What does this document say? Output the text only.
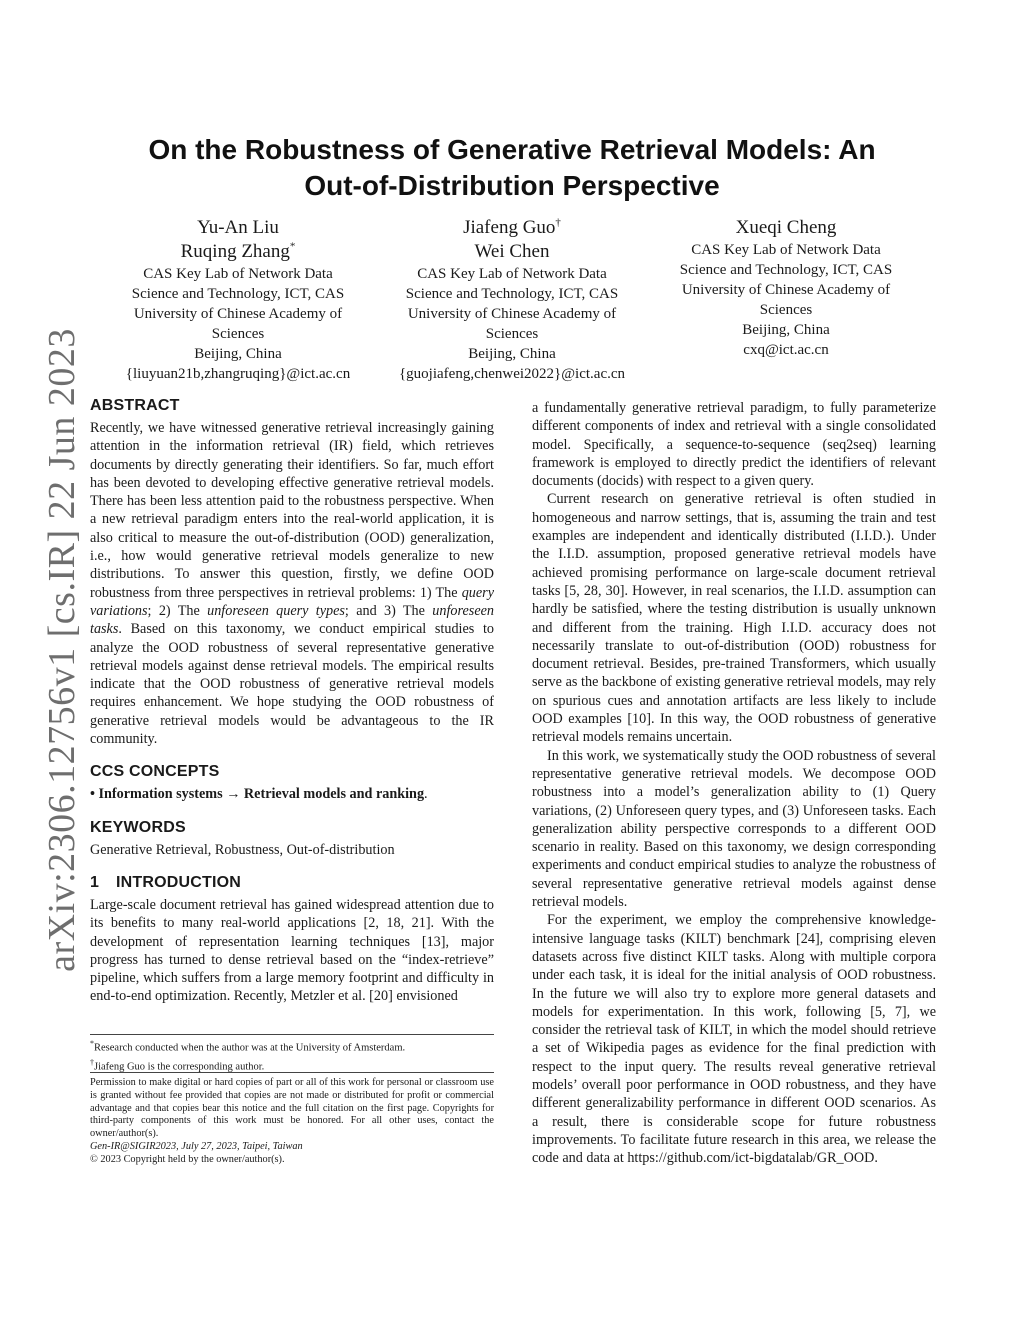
arXiv:2306.12756v1 [cs.IR] 22 Jun 2023
On the Robustness of Generative Retrieval Models: An
Out-of-Distribution Perspective
Yu-An Liu
Ruqing Zhang*
CAS Key Lab of Network Data
Science and Technology, ICT, CAS
University of Chinese Academy of
Sciences
Beijing, China
{liuyuan21b,zhangruqing}@ict.ac.cn
Jiafeng Guo†
Wei Chen
CAS Key Lab of Network Data
Science and Technology, ICT, CAS
University of Chinese Academy of
Sciences
Beijing, China
{guojiafeng,chenwei2022}@ict.ac.cn
Xueqi Cheng
CAS Key Lab of Network Data
Science and Technology, ICT, CAS
University of Chinese Academy of
Sciences
Beijing, China
cxq@ict.ac.cn
ABSTRACT

Recently, we have witnessed generative retrieval increasingly gaining attention in the information retrieval (IR) field, which retrieves documents by directly generating their identifiers. So far, much effort has been devoted to developing effective generative retrieval models. There has been less attention paid to the robustness perspective. When a new retrieval paradigm enters into the real-world application, it is also critical to measure the out-of-distribution (OOD) generalization, i.e., how would generative retrieval models generalize to new distributions. To answer this question, firstly, we define OOD robustness from three perspectives in retrieval problems: 1) The query variations; 2) The unforeseen query types; and 3) The unforeseen tasks. Based on this taxonomy, we conduct empirical studies to analyze the OOD robustness of several representative generative retrieval models against dense retrieval models. The empirical results indicate that the OOD robustness of generative retrieval models requires enhancement. We hope studying the OOD robustness of generative retrieval models would be advantageous to the IR community.

CCS CONCEPTS

• Information systems → Retrieval models and ranking.

KEYWORDS

Generative Retrieval, Robustness, Out-of-distribution

1 INTRODUCTION

Large-scale document retrieval has gained widespread attention due to its benefits to many real-world applications [2, 18, 21]. With the development of representation learning techniques [13], major progress has turned to dense retrieval based on the “index-retrieve” pipeline, which suffers from a large memory footprint and difficulty in end-to-end optimization. Recently, Metzler et al. [20] envisioned

*Research conducted when the author was at the University of Amsterdam.
†Jiafeng Guo is the corresponding author.

Permission to make digital or hard copies of part or all of this work for personal or classroom use is granted without fee provided that copies are not made or distributed for profit or commercial advantage and that copies bear this notice and the full citation on the first page. Copyrights for third-party components of this work must be honored. For all other uses, contact the owner/author(s).

Gen-IR@SIGIR2023, July 27, 2023, Taipei, Taiwan

© 2023 Copyright held by the owner/author(s).

a fundamentally generative retrieval paradigm, to fully parameterize different components of index and retrieval with a single consolidated model. Specifically, a sequence-to-sequence (seq2seq) learning framework is employed to directly predict the identifiers of relevant documents (docids) with respect to a given query.

Current research on generative retrieval is often studied in homogeneous and narrow settings, that is, assuming the train and test examples are independent and identically distributed (I.I.D.). Under the I.I.D. assumption, proposed generative retrieval models have achieved promising performance on large-scale document retrieval tasks [5, 28, 30]. However, in real scenarios, the I.I.D. assumption can hardly be satisfied, where the testing distribution is usually unknown and different from the training. High I.I.D. accuracy does not necessarily translate to out-of-distribution (OOD) robustness for document retrieval. Besides, pre-trained Transformers, which usually serve as the backbone of existing generative retrieval models, may rely on spurious cues and annotation artifacts are less likely to include OOD examples [10]. In this way, the OOD robustness of generative retrieval models remains uncertain.

In this work, we systematically study the OOD robustness of several representative generative retrieval models. We decompose OOD robustness into a model’s generalization ability to (1) Query variations, (2) Unforeseen query types, and (3) Unforeseen tasks. Each generalization ability perspective corresponds to a different OOD scenario in reality. Based on this taxonomy, we design corresponding experiments and conduct empirical studies to analyze the robustness of several representative generative retrieval models against dense retrieval models.

For the experiment, we employ the comprehensive knowledge-intensive language tasks (KILT) benchmark [24], comprising eleven datasets across five distinct KILT tasks. Along with multiple corpora under each task, it is ideal for the initial analysis of OOD robustness. In the future we will also try to explore more general datasets and models for experimentation. In this work, following [5, 7], we consider the retrieval task of KILT, in which the model should retrieve a set of Wikipedia pages as evidence for the final prediction with respect to the input query. The results reveal generative retrieval models’ overall poor performance in OOD robustness, and they have different generalizability performance in different OOD scenarios. As a result, there is considerable scope for future robustness improvements. To facilitate future research in this area, we release the code and data at https://github.com/ict-bigdatalab/GR_OOD.
